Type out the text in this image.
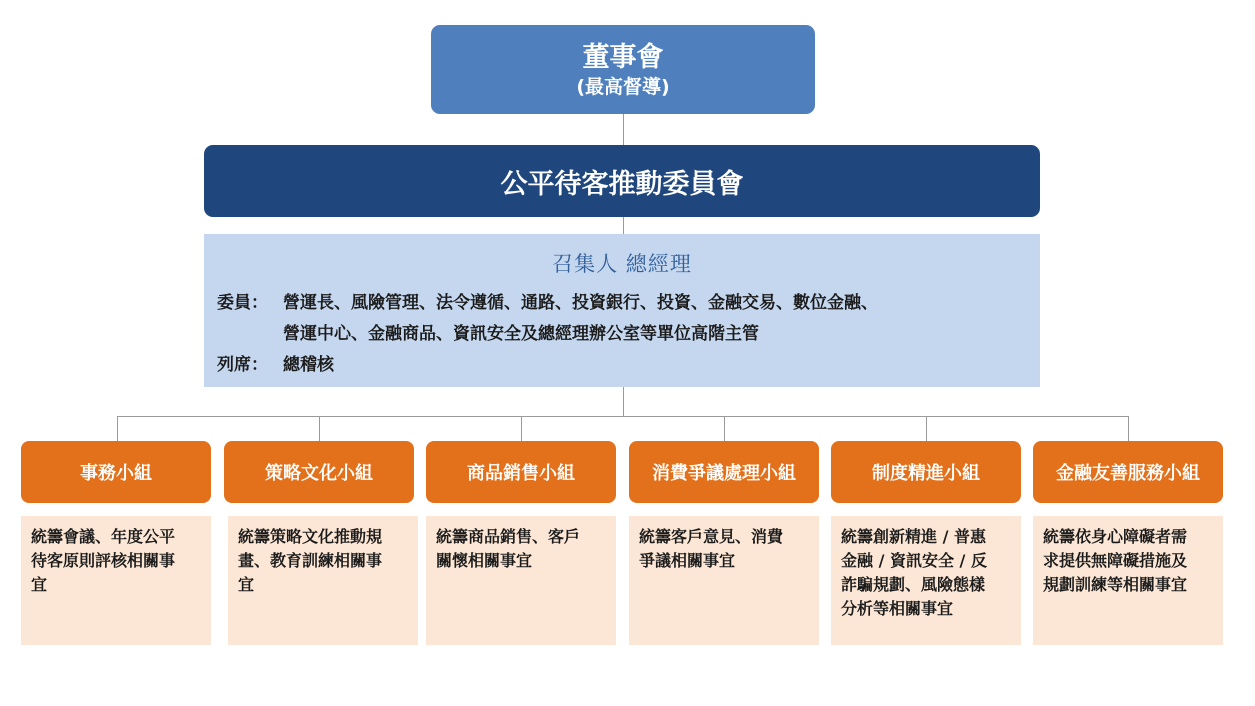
董事會
(最高督導)
公平待客推動委員會
召集人 總經理
委員： 營運長、風險管理、法令遵循、通路、投資銀行、投資、金融交易、數位金融、
營運中心、金融商品、資訊安全及總經理辦公室等單位高階主管
列席： 總稽核
事務小組	策略文化小組	商品銷售小組	消費爭議處理小組	制度精進小組	金融友善服務小組
統籌會議、年度公平
待客原則評核相關事
宜
統籌策略文化推動規
畫、教育訓練相關事
宜
統籌商品銷售、客戶
關懷相關事宜
統籌客戶意見、消費
爭議相關事宜
統籌創新精進 / 普惠
金融 / 資訊安全 / 反
詐騙規劃、風險態樣
分析等相關事宜
統籌依身心障礙者需
求提供無障礙措施及
規劃訓練等相關事宜
